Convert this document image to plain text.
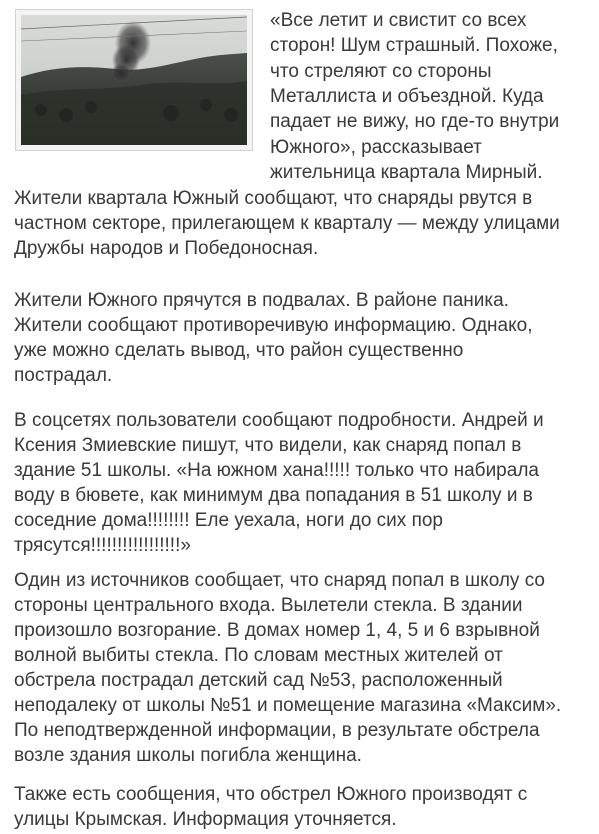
«Все летит и свистит со всех
сторон! Шум страшный. Похоже,
что стреляют со стороны
Металлиста и объездной. Куда
падает не вижу, но где-то внутри
Южного», рассказывает
жительница квартала Мирный.

Жители квартала Южный сообщают, что снаряды рвутся в
частном секторе, прилегающем к кварталу — между улицами
Дружбы народов и Победоносная.

Жители Южного прячутся в подвалах. В районе паника.
Жители сообщают противоречивую информацию. Однако,
уже можно сделать вывод, что район существенно
пострадал.

В соцсетях пользователи сообщают подробности. Андрей и
Ксения Змиевские пишут, что видели, как снаряд попал в
здание 51 школы. «На южном хана!!!!! только что набирала
воду в бювете, как минимум два попадания в 51 школу и в
соседние дома!!!!!!!! Еле уехала, ноги до сих пор
трясутся!!!!!!!!!!!!!!!!!»

Один из источников сообщает, что снаряд попал в школу со
стороны центрального входа. Вылетели стекла. В здании
произошло возгорание. В домах номер 1, 4, 5 и 6 взрывной
волной выбиты стекла. По словам местных жителей от
обстрела пострадал детский сад №53, расположенный
неподалеку от школы №51 и помещение магазина «Максим».
По неподтвержденной информации, в результате обстрела
возле здания школы погибла женщина.

Также есть сообщения, что обстрел Южного производят с
улицы Крымская. Информация уточняется.
